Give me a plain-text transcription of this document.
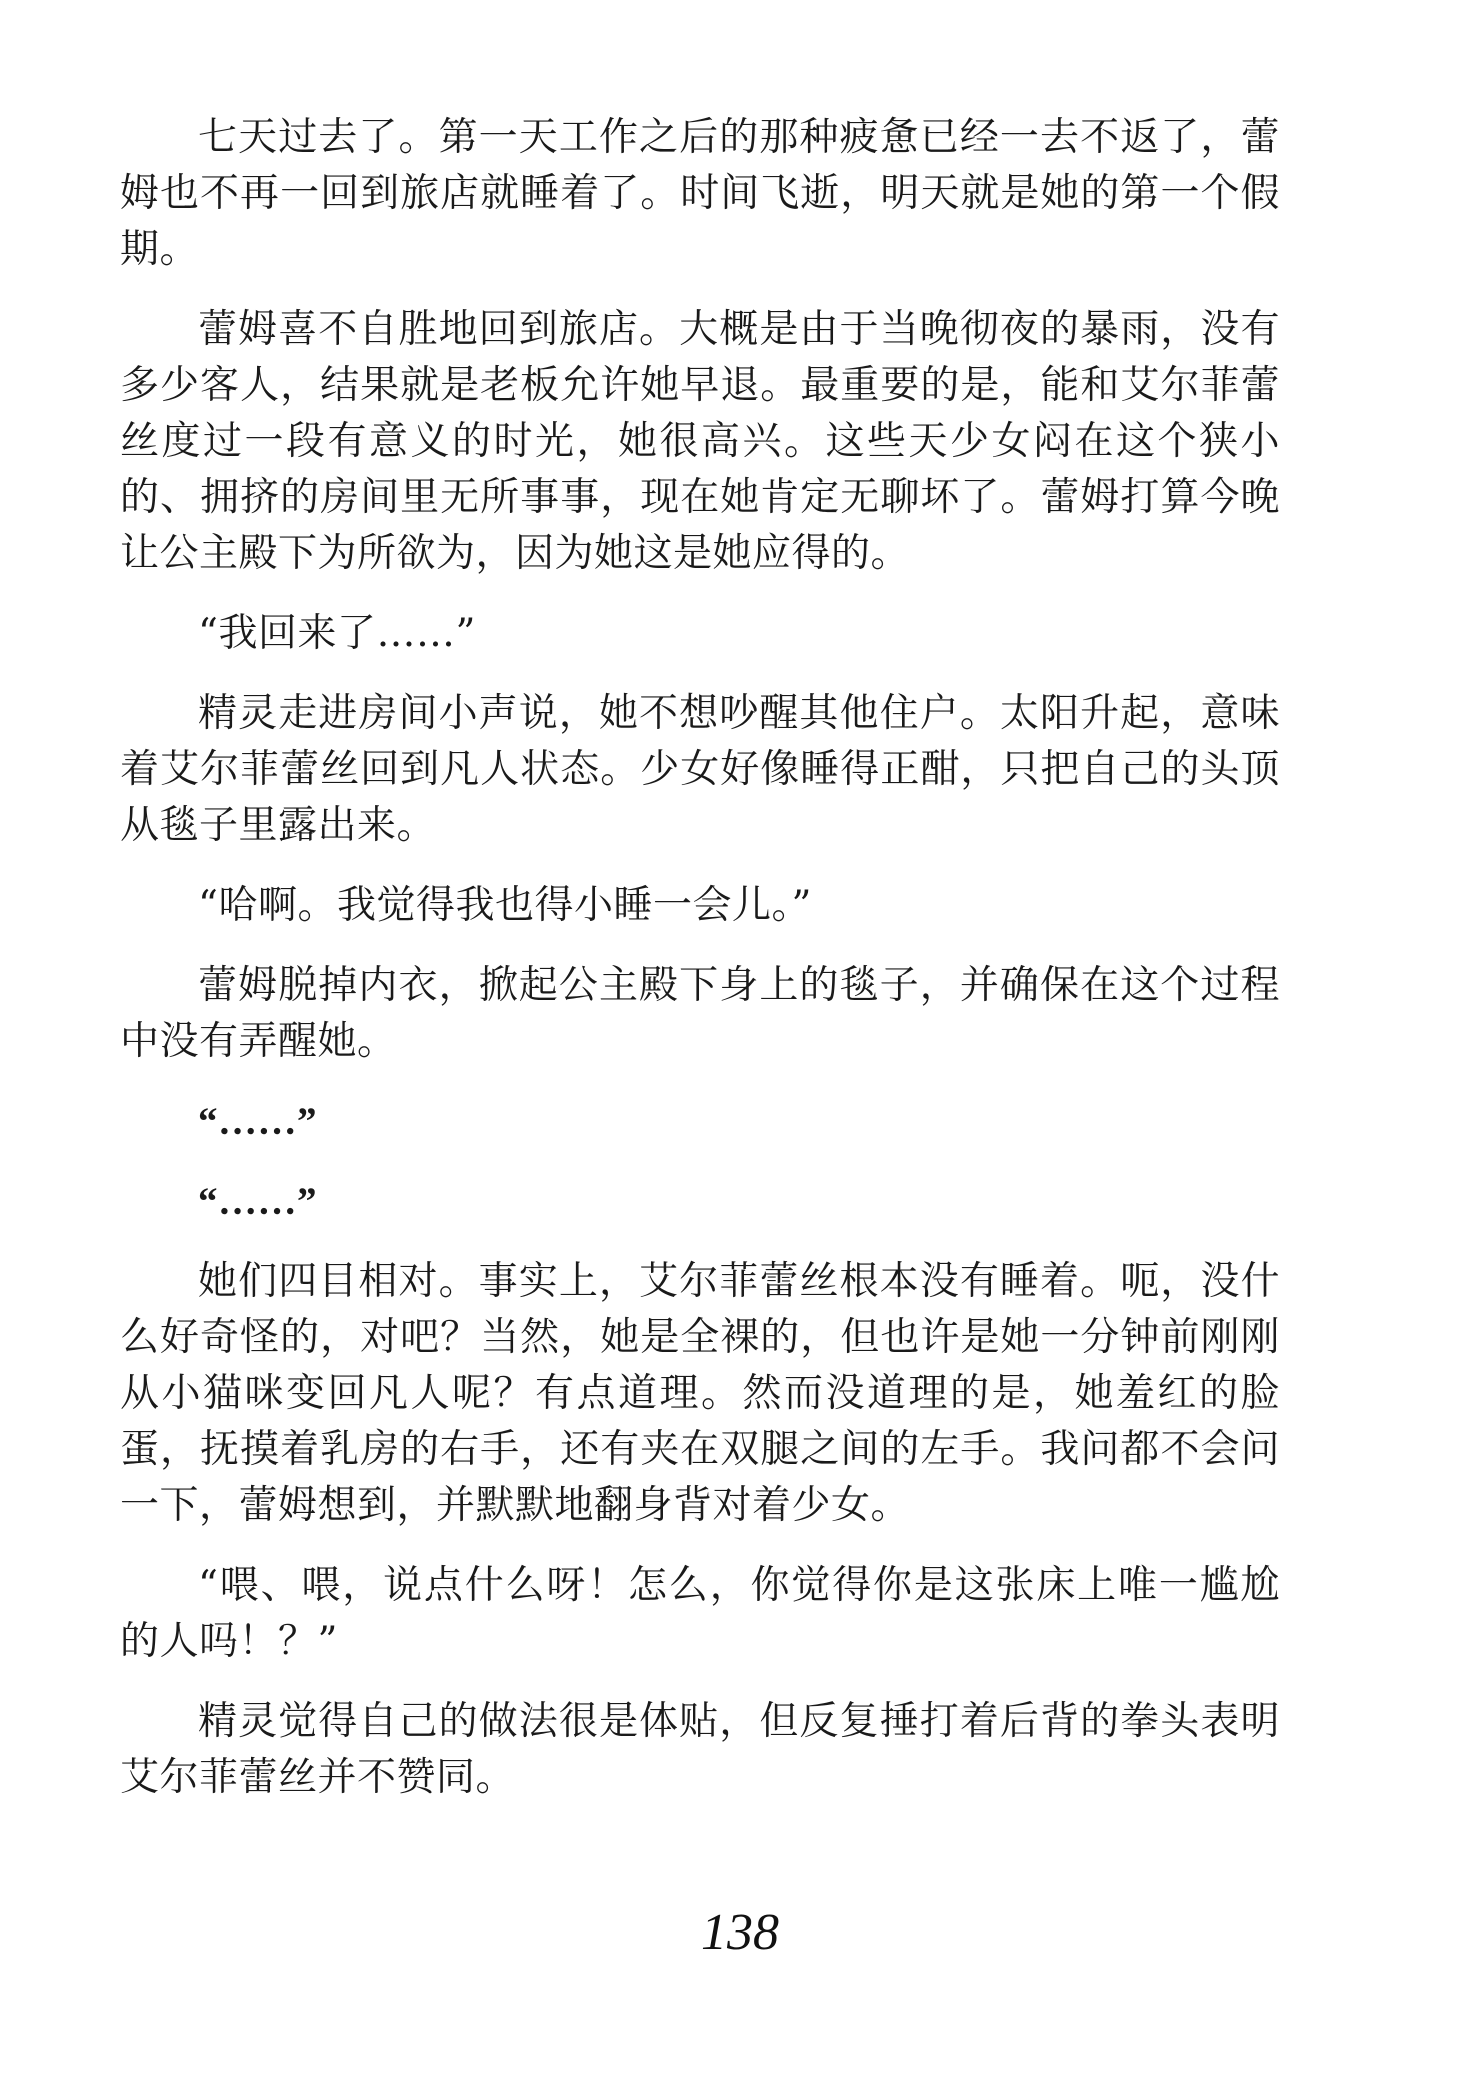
七天过去了。第一天工作之后的那种疲惫已经一去不返了，蕾姆也不再一回到旅店就睡着了。时间飞逝，明天就是她的第一个假期。

蕾姆喜不自胜地回到旅店。大概是由于当晚彻夜的暴雨，没有多少客人，结果就是老板允许她早退。最重要的是，能和艾尔菲蕾丝度过一段有意义的时光，她很高兴。这些天少女闷在这个狭小的、拥挤的房间里无所事事，现在她肯定无聊坏了。蕾姆打算今晚让公主殿下为所欲为，因为她这是她应得的。

“我回来了……”

精灵走进房间小声说，她不想吵醒其他住户。太阳升起，意味着艾尔菲蕾丝回到凡人状态。少女好像睡得正酣，只把自己的头顶从毯子里露出来。

“哈啊。我觉得我也得小睡一会儿。”

蕾姆脱掉内衣，掀起公主殿下身上的毯子，并确保在这个过程中没有弄醒她。

“……”

“……”

她们四目相对。事实上，艾尔菲蕾丝根本没有睡着。呃，没什么好奇怪的，对吧？当然，她是全裸的，但也许是她一分钟前刚刚从小猫咪变回凡人呢？有点道理。然而没道理的是，她羞红的脸蛋，抚摸着乳房的右手，还有夹在双腿之间的左手。我问都不会问一下，蕾姆想到，并默默地翻身背对着少女。

“喂、喂，说点什么呀！怎么，你觉得你是这张床上唯一尴尬的人吗！？”

精灵觉得自己的做法很是体贴，但反复捶打着后背的拳头表明艾尔菲蕾丝并不赞同。

138
